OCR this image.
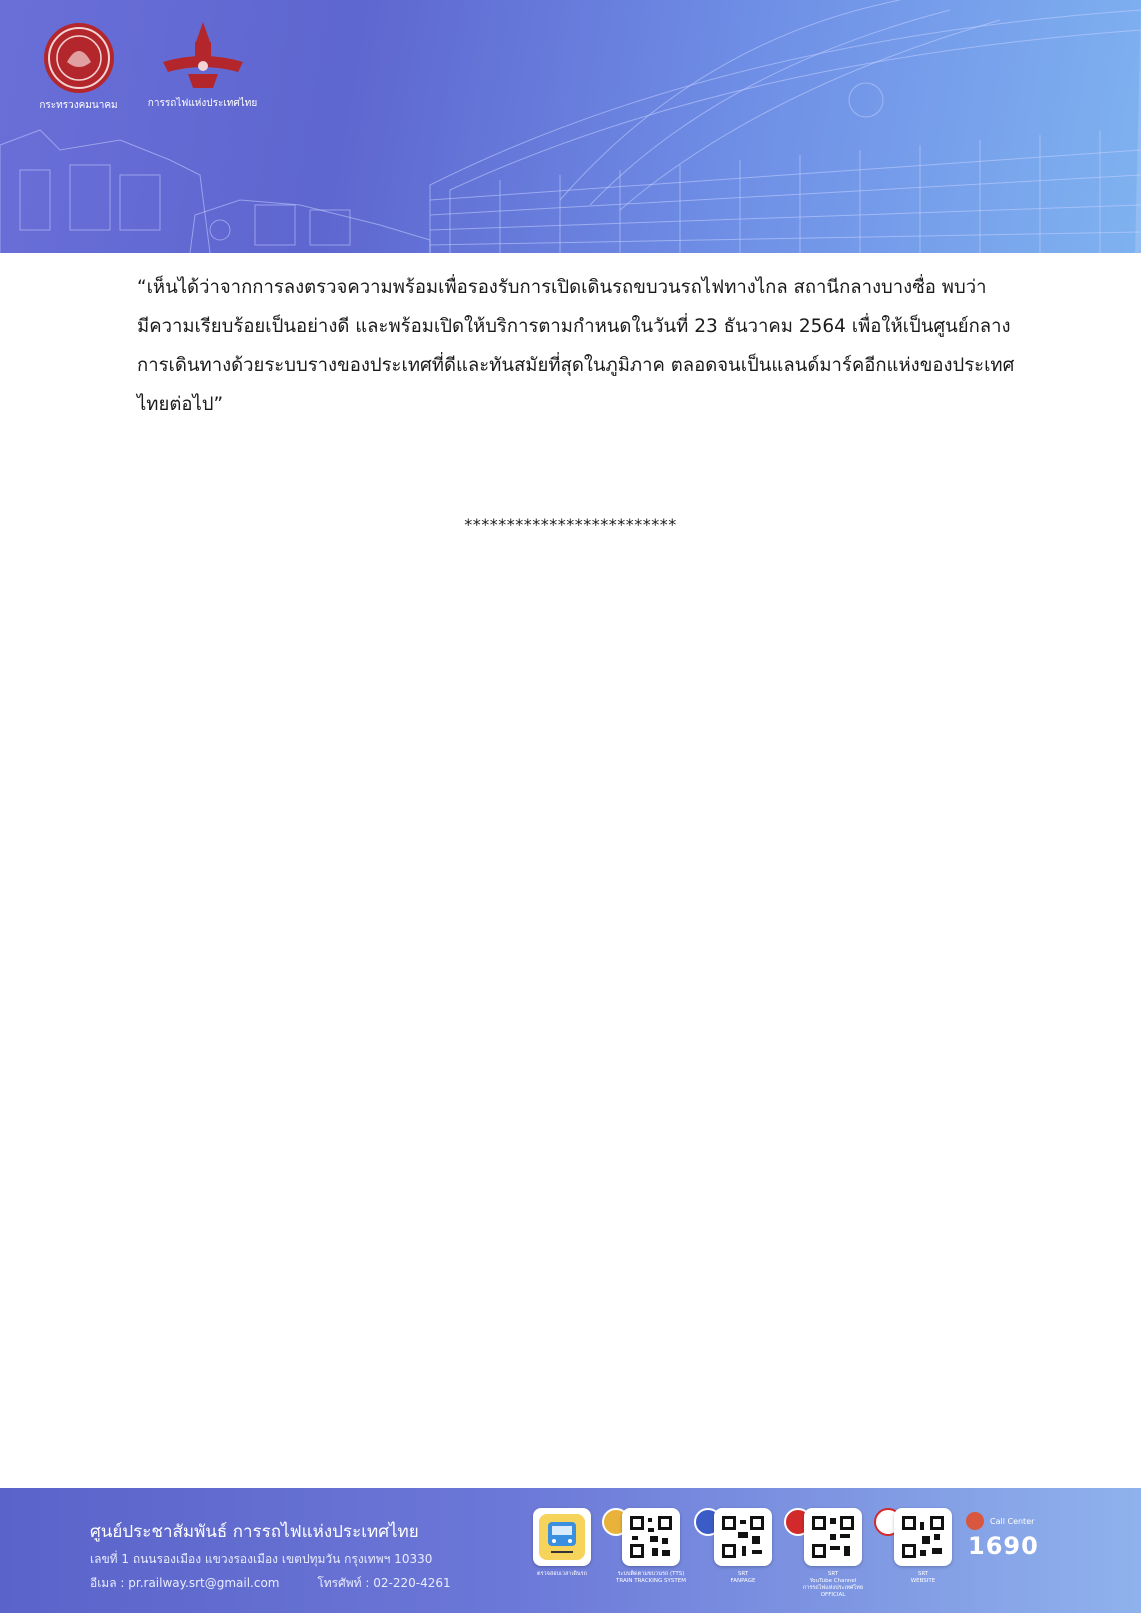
กระทรวงคมนาคม	การรถไฟแห่งประเทศไทย
“เห็นได้ว่าจากการลงตรวจความพร้อมเพื่อรองรับการเปิดเดินรถขบวนรถไฟทางไกล สถานีกลางบางซื่อ พบว่า
มีความเรียบร้อยเป็นอย่างดี และพร้อมเปิดให้บริการตามกำหนดในวันที่ 23 ธันวาคม 2564 เพื่อให้เป็นศูนย์กลาง
การเดินทางด้วยระบบรางของประเทศที่ดีและทันสมัยที่สุดในภูมิภาค ตลอดจนเป็นแลนด์มาร์คอีกแห่งของประเทศ
ไทยต่อไป”
*************************
ศูนย์ประชาสัมพันธ์ การรถไฟแห่งประเทศไทย
เลขที่ 1 ถนนรองเมือง แขวงรองเมือง เขตปทุมวัน กรุงเทพฯ 10330
อีเมล : pr.railway.srt@gmail.com	โทรศัพท์ : 02-220-4261
ตรวจสอบเวลาเดินรถ	ระบบติดตามขบวนรถ (TTS)
TRAIN TRACKING SYSTEM
SRT
FANPAGE
SRT
YouTube Channel
การรถไฟแห่งประเทศไทย
OFFICIAL
SRT
WEBSITE
Call Center
1690
